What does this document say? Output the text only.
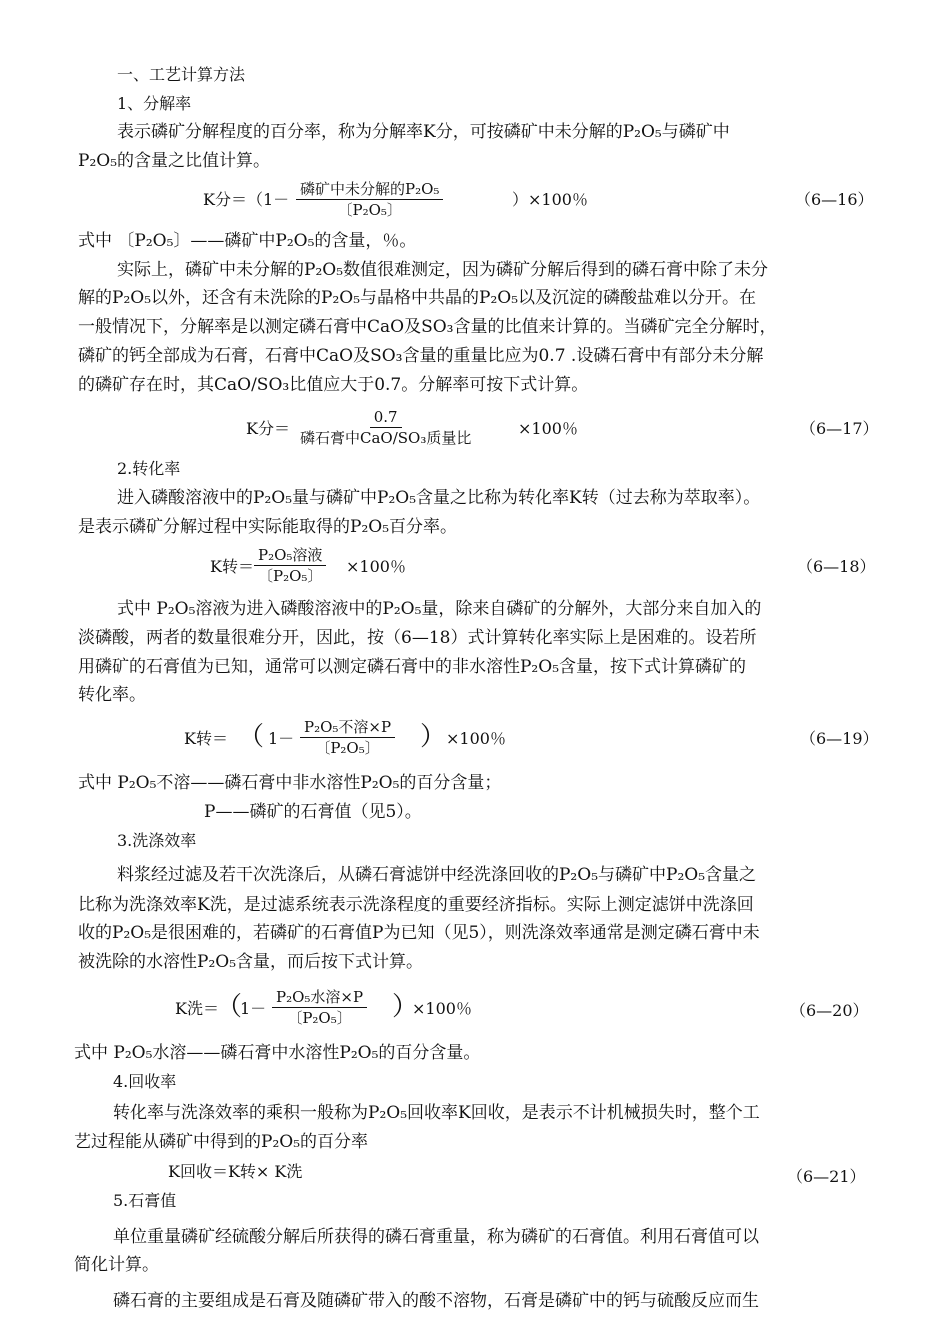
一、工艺计算方法
1、分解率
表示磷矿分解程度的百分率，称为分解率K分，可按磷矿中未分解的P₂O₅与磷矿中
P₂O₅的含量之比值计算。
K分＝（1－
磷矿中未分解的P₂O₅
〔P₂O₅〕
）×100％	（6—16）
式中 〔P₂O₅〕——磷矿中P₂O₅的含量，％。
实际上，磷矿中未分解的P₂O₅数值很难测定，因为磷矿分解后得到的磷石膏中除了未分
解的P₂O₅以外，还含有未洗除的P₂O₅与晶格中共晶的P₂O₅以及沉淀的磷酸盐难以分开。在
一般情况下，分解率是以测定磷石膏中CaO及SO₃含量的比值来计算的。当磷矿完全分解时，
磷矿的钙全部成为石膏，石膏中CaO及SO₃含量的重量比应为0.7 .设磷石膏中有部分未分解
的磷矿存在时，其CaO/SO₃比值应大于0.7。分解率可按下式计算。
K分＝
0.7
磷石膏中CaO/SO₃质量比	×100％	（6—17）
2.转化率
进入磷酸溶液中的P₂O₅量与磷矿中P₂O₅含量之比称为转化率K转（过去称为萃取率）。
是表示磷矿分解过程中实际能取得的P₂O₅百分率。
K转＝
P₂O₅溶液
〔P₂O₅〕 ×100％	（6—18）
式中 P₂O₅溶液为进入磷酸溶液中的P₂O₅量，除来自磷矿的分解外，大部分来自加入的
淡磷酸，两者的数量很难分开，因此，按（6—18）式计算转化率实际上是困难的。设若所
用磷矿的石膏值为已知，通常可以测定磷石膏中的非水溶性P₂O₅含量，按下式计算磷矿的
转化率。
K转＝ （ 1－
P₂O₅不溶×P
〔P₂O₅〕 ） ×100％	（6—19）
式中 P₂O₅不溶——磷石膏中非水溶性P₂O₅的百分含量；
P——磷矿的石膏值（见5）。
3.洗涤效率
料浆经过滤及若干次洗涤后，从磷石膏滤饼中经洗涤回收的P₂O₅与磷矿中P₂O₅含量之
比称为洗涤效率K洗，是过滤系统表示洗涤程度的重要经济指标。实际上测定滤饼中洗涤回
收的P₂O₅是很困难的，若磷矿的石膏值P为已知（见5），则洗涤效率通常是测定磷石膏中未
被洗除的水溶性P₂O₅含量，而后按下式计算。
K洗＝
（
1－
P₂O₅水溶×P
〔P₂O₅〕 ）
×100％	（6—20）
式中 P₂O₅水溶——磷石膏中水溶性P₂O₅的百分含量。
4.回收率
转化率与洗涤效率的乘积一般称为P₂O₅回收率K回收，是表示不计机械损失时，整个工
艺过程能从磷矿中得到的P₂O₅的百分率
K回收＝K转× K洗	（6—21）
5.石膏值
单位重量磷矿经硫酸分解后所获得的磷石膏重量，称为磷矿的石膏值。利用石膏值可以
简化计算。
磷石膏的主要组成是石膏及随磷矿带入的酸不溶物，石膏是磷矿中的钙与硫酸反应而生
